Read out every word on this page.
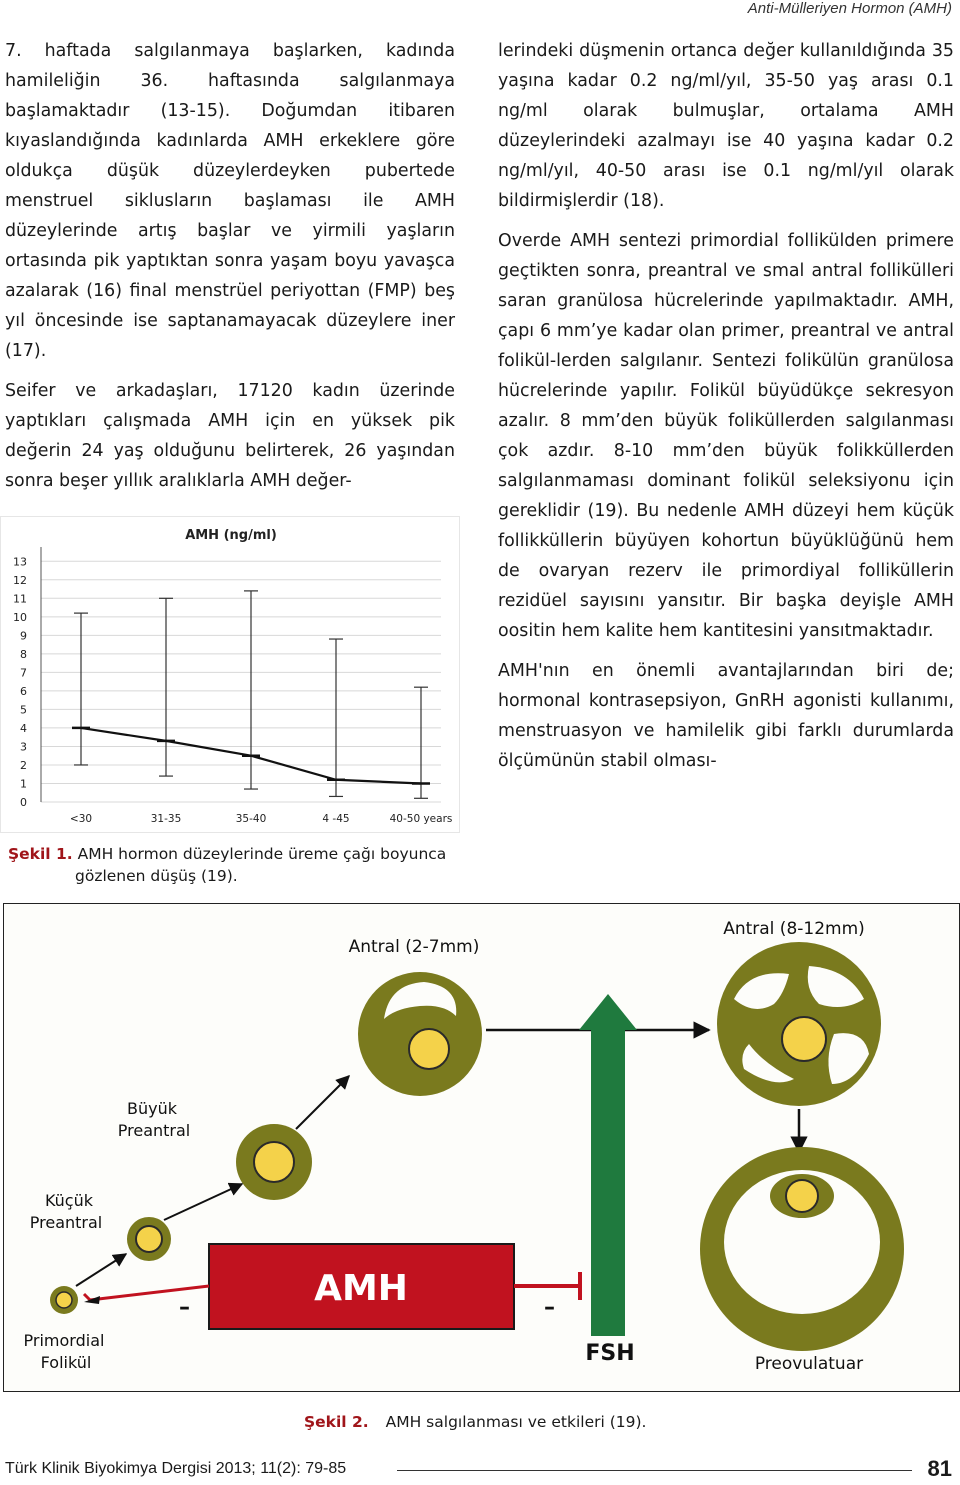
Anti-Mülleriyen Hormon (AMH)

7. haftada salgılanmaya başlarken, kadında hamileliğin 36. haftasında salgılanmaya başlamaktadır (13-15). Doğumdan itibaren kıyaslandığında kadınlarda AMH erkeklere göre oldukça düşük düzeylerdeyken pubertede menstruel siklusların başlaması ile AMH düzeylerinde artış başlar ve yirmili yaşların ortasında pik yaptıktan sonra yaşam boyu yavaşca azalarak (16) final menstrüel periyottan (FMP) beş yıl öncesinde ise saptanamayacak düzeylere iner (17).

Seifer ve arkadaşları, 17120 kadın üzerinde yaptıkları çalışmada AMH için en yüksek pik değerin 24 yaş olduğunu belirterek, 26 yaşından sonra beşer yıllık aralıklarla AMH değer-

lerindeki düşmenin ortanca değer kullanıldığında 35 yaşına kadar 0.2 ng/ml/yıl, 35-50 yaş arası 0.1 ng/ml olarak bulmuşlar, ortalama AMH düzeylerindeki azalmayı ise 40 yaşına kadar 0.2 ng/ml/yıl, 40-50 arası ise 0.1 ng/ml/yıl olarak bildirmişlerdir (18).

Overde AMH sentezi primordial follikülden primere geçtikten sonra, preantral ve smal antral follikülleri saran granülosa hücrelerinde yapılmaktadır. AMH, çapı 6 mm’ye kadar olan primer, preantral ve antral folikül-lerden salgılanır. Sentezi folikülün granülosa hücrelerinde yapılır. Folikül büyüdükçe sekresyon azalır. 8 mm’den büyük foliküllerden salgılanması çok azdır. 8-10 mm’den büyük folikküllerden salgılanmaması dominant folikül seleksiyonu için gereklidir (19). Bu nedenle AMH düzeyi hem küçük follikküllerin büyüyen kohortun büyüklüğünü hem de ovaryan rezerv ile primordiyal folliküllerin rezidüel sayısını yansıtır. Bir başka deyişle AMH oositin hem kalite hem kantitesini yansıtmaktadır.

AMH'nın en önemli avantajlarından biri de; hormonal kontrasepsiyon, GnRH agonisti kullanımı, menstruasyon ve hamilelik gibi farklı durumlarda ölçümünün stabil olması-

AMH (ng/ml)
0
1
2
3
4
5
6
7
8
9
10
11
12
13
<30	31-35	35-40	4 -45	40-50 years
Şekil 1. AMH hormon düzeylerinde üreme çağı boyunca
gözlenen düşüş (19).
Antral (2-7mm)
Antral (8-12mm)
Büyük
Preantral
Küçük
Preantral
Primordial
Folikül	Preovulatuar
AMH
–	–
FSH
Şekil 2. AMH salgılanması ve etkileri (19).
Türk Klinik Biyokimya Dergisi 2013; 11(2): 79-85	81
